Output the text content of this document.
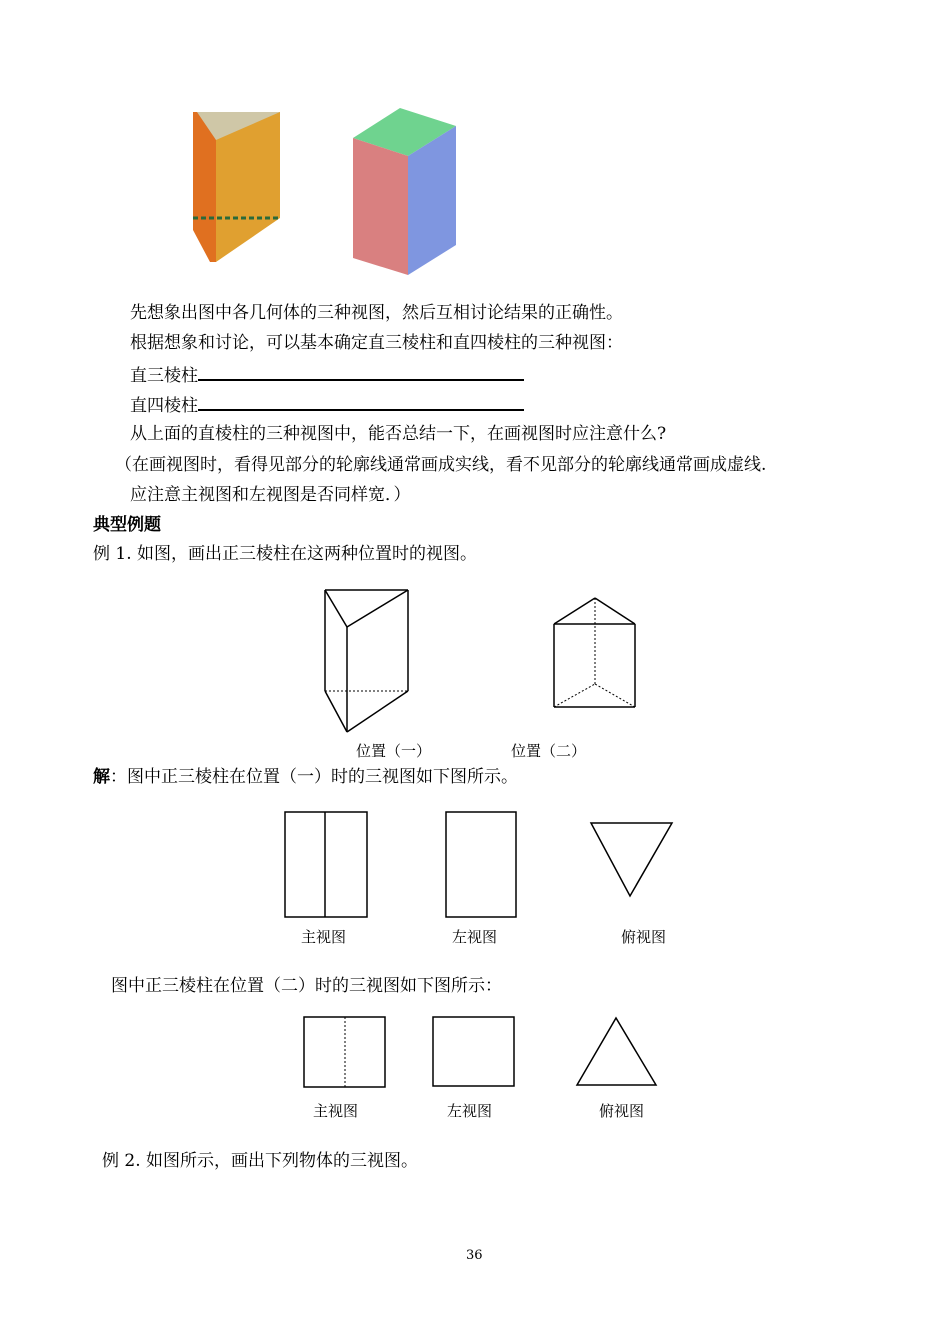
先想象出图中各几何体的三种视图，然后互相讨论结果的正确性。
根据想象和讨论，可以基本确定直三棱柱和直四棱柱的三种视图：
直三棱柱
直四棱柱
从上面的直棱柱的三种视图中，能否总结一下，在画视图时应注意什么?
（在画视图时，看得见部分的轮廓线通常画成实线，看不见部分的轮廓线通常画成虚线.
应注意主视图和左视图是否同样宽．）
典型例题
例 1. 如图，画出正三棱柱在这两种位置时的视图。
位置（一）	位置（二）
解：图中正三棱柱在位置（一）时的三视图如下图所示。
主视图	左视图	俯视图
图中正三棱柱在位置（二）时的三视图如下图所示：
主视图	左视图	俯视图
例 2. 如图所示，画出下列物体的三视图。
36
